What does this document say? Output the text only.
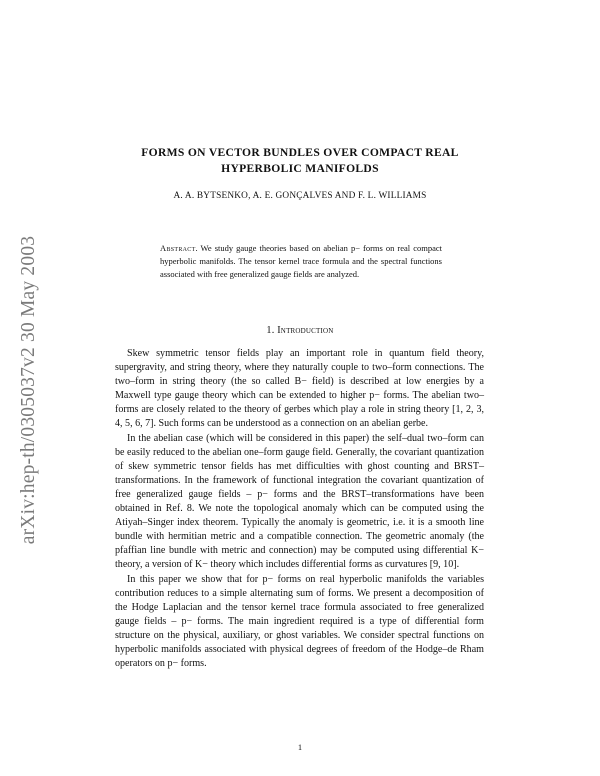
arXiv:hep-th/0305037v2 30 May 2003
FORMS ON VECTOR BUNDLES OVER COMPACT REAL
HYPERBOLIC MANIFOLDS
A. A. BYTSENKO, A. E. GONÇALVES AND F. L. WILLIAMS
Abstract. We study gauge theories based on abelian p− forms on real compact hyperbolic manifolds. The tensor kernel trace formula and the spectral functions associated with free generalized gauge fields are analyzed.
1. Introduction

Skew symmetric tensor fields play an important role in quantum field theory, supergravity, and string theory, where they naturally couple to two–form connections. The two–form in string theory (the so called B− field) is described at low energies by a Maxwell type gauge theory which can be extended to higher p− forms. The abelian two–forms are closely related to the theory of gerbes which play a role in string theory [1, 2, 3, 4, 5, 6, 7]. Such forms can be understood as a connection on an abelian gerbe.

In the abelian case (which will be considered in this paper) the self–dual two–form can be easily reduced to the abelian one–form gauge field. Generally, the covariant quantization of skew symmetric tensor fields has met difficulties with ghost counting and BRST–transformations. In the framework of functional integration the covariant quantization of free generalized gauge fields – p− forms and the BRST–transformations have been obtained in Ref. 8. We note the topological anomaly which can be computed using the Atiyah–Singer index theorem. Typically the anomaly is geometric, i.e. it is a smooth line bundle with hermitian metric and a compatible connection. The geometric anomaly (the pfaffian line bundle with metric and connection) may be computed using differential K− theory, a version of K− theory which includes differential forms as curvatures [9, 10].

In this paper we show that for p− forms on real hyperbolic manifolds the variables contribution reduces to a simple alternating sum of forms. We present a decomposition of the Hodge Laplacian and the tensor kernel trace formula associated to free generalized gauge fields – p− forms. The main ingredient required is a type of differential form structure on the physical, auxiliary, or ghost variables. We consider spectral functions on hyperbolic manifolds associated with physical degrees of freedom of the Hodge–de Rham operators on p− forms.

1
